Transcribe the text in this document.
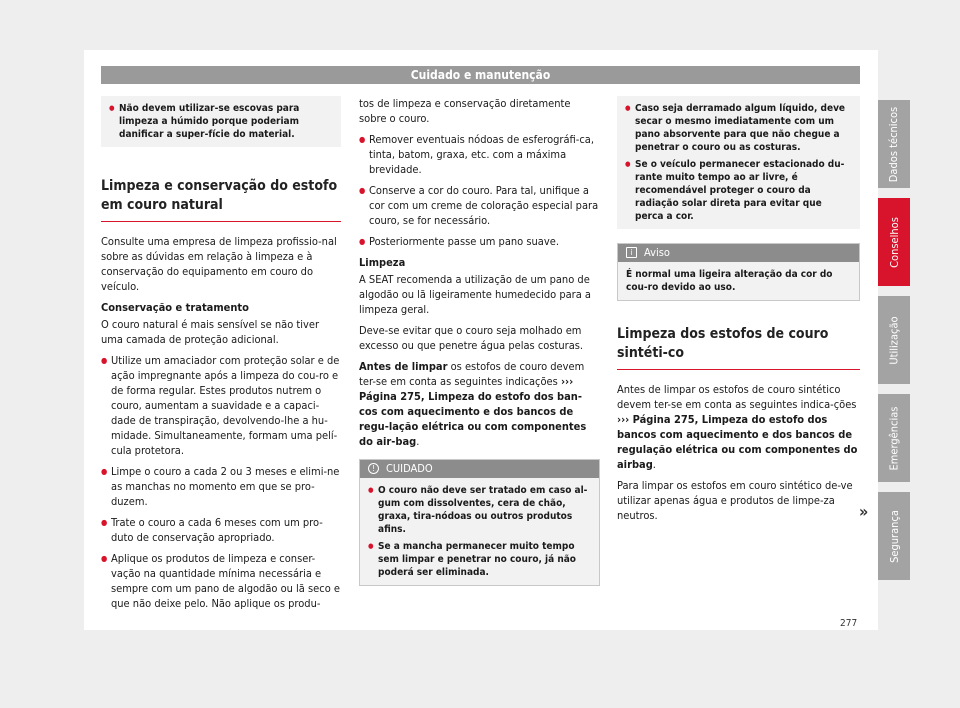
Cuidado e manutenção
Dados técnicos
Conselhos
Utilização
Emergências
Segurança
● Não devem utilizar-se escovas para limpeza a húmido porque poderiam danificar a super-fície do material.
Limpeza e conservação do estofo em couro natural

Consulte uma empresa de limpeza profissio-nal sobre as dúvidas em relação à limpeza e à conservação do equipamento em couro do veículo.

Conservação e tratamento

O couro natural é mais sensível se não tiver uma camada de proteção adicional.

● Utilize um amaciador com proteção solar e de ação impregnante após a limpeza do cou-ro e de forma regular. Estes produtos nutrem o couro, aumentam a suavidade e a capaci-dade de transpiração, devolvendo-lhe a hu-midade. Simultaneamente, formam uma pelí-cula protetora.

● Limpe o couro a cada 2 ou 3 meses e elimi-ne as manchas no momento em que se pro-duzem.

● Trate o couro a cada 6 meses com um pro-duto de conservação apropriado.

● Aplique os produtos de limpeza e conser-vação na quantidade mínima necessária e sempre com um pano de algodão ou lã seco e que não deixe pelo. Não aplique os produ-

tos de limpeza e conservação diretamente sobre o couro.

● Remover eventuais nódoas de esferográfi-ca, tinta, batom, graxa, etc. com a máxima brevidade.

● Conserve a cor do couro. Para tal, unifique a cor com um creme de coloração especial para couro, se for necessário.

● Posteriormente passe um pano suave.

Limpeza

A SEAT recomenda a utilização de um pano de algodão ou lã ligeiramente humedecido para a limpeza geral.

Deve-se evitar que o couro seja molhado em excesso ou que penetre água pelas costuras.

Antes de limpar os estofos de couro devem ter-se em conta as seguintes indicações ››› Página 275, Limpeza do estofo dos ban-cos com aquecimento e dos bancos de regu-lação elétrica ou com componentes do air-bag.

!	CUIDADO

● O couro não deve ser tratado em caso al-gum com dissolventes, cera de chão, graxa, tira-nódoas ou outros produtos afins.

● Se a mancha permanecer muito tempo sem limpar e penetrar no couro, já não poderá ser eliminada.

● Caso seja derramado algum líquido, deve secar o mesmo imediatamente com um pano absorvente para que não chegue a penetrar o couro ou as costuras.

● Se o veículo permanecer estacionado du-rante muito tempo ao ar livre, é recomendável proteger o couro da radiação solar direta para evitar que perca a cor.

i	Aviso

É normal uma ligeira alteração da cor do cou-ro devido ao uso.

Limpeza dos estofos de couro sintéti-co

Antes de limpar os estofos de couro sintético devem ter-se em conta as seguintes indica-ções ››› Página 275, Limpeza do estofo dos bancos com aquecimento e dos bancos de regulação elétrica ou com componentes do airbag.

Para limpar os estofos em couro sintético de-ve utilizar apenas água e produtos de limpe-za neutros.	»
277
